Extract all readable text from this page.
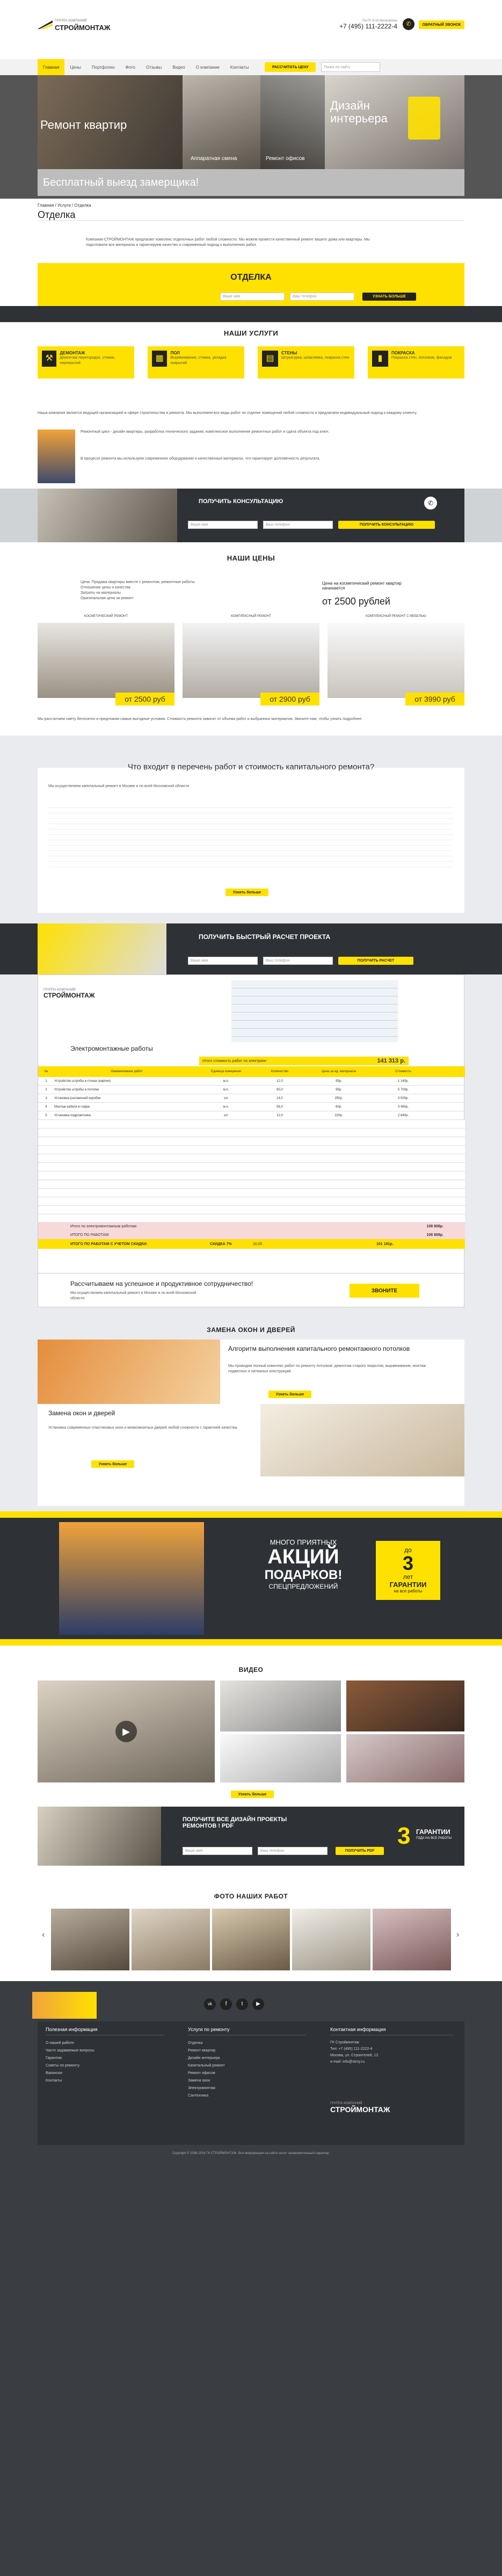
ГРУППА КОМПАНИЙ
СТРОЙМОНТАЖ
Пн-Пт 9-18 Московское
+7 (495) 111-2222-4	✆	ОБРАТНЫЙ ЗВОНОК
Главная	Цены	Портфолио	Фото	Отзывы	Видео	О компании	Контакты	РАССЧИТАТЬ ЦЕНУ	Поиск по сайту
Ремонт квартир
Аппаратная смена	Ремонт офисов
Дизайн интерьера
Бесплатный выезд замерщика!
Главная / Услуги / Отделка
Отделка
Компания СТРОЙМОНТАЖ предлагает комплекс отделочных работ любой сложности. Мы можем провести качественный ремонт вашего дома или квартиры. Мы подготовили все материалы и гарантируем качество и современный подход к выполнению работ.
ОТДЕЛКА
Ваше имя	Ваш телефон	УЗНАТЬ БОЛЬШЕ
НАШИ УСЛУГИ
⚒
ДЕМОНТАЖ
Демонтаж перегородок, стяжки, перекрытий
▦
ПОЛ
Выравнивание, стяжка, укладка покрытий
▤
СТЕНЫ
Штукатурка, шпаклевка, покраска стен	▮
ПОКРАСКА
Покраска стен, потолков, фасадов
Наша компания является ведущей организацией в сфере строительства и ремонта. Мы выполняем все виды работ по отделке помещений любой сложности и предлагаем индивидуальный подход к каждому клиенту.
Ремонтный цикл - дизайн квартиры, разработка технического задания, комплексное выполнение ремонтных работ и сдача объекта под ключ.
В процессе ремонта мы используем современное оборудование и качественные материалы, что гарантирует долговечность результата.
ПОЛУЧИТЬ КОНСУЛЬТАЦИЮ	✆
Ваше имя	Ваш телефон	ПОЛУЧИТЬ КОНСУЛЬТАЦИЮ
НАШИ ЦЕНЫ
Цена: Продажа квартиры вместе с ремонтом, ремонтные работы
Отношение цены и качества
Затраты на материалы
Оригинальная цена за ремонт
Цена на косметический ремонт квартир начинается
от 2500 рублей
КОСМЕТИЧЕСКИЙ РЕМОНТ
от 2500 руб
КОМПЛЕКСНЫЙ РЕМОНТ
от 2900 руб
КОМПЛЕКСНЫЙ РЕМОНТ С МЕБЕЛЬЮ
от 3990 руб
Мы рассчитаем смету бесплатно и предложим самые выгодные условия. Стоимость ремонта зависит от объема работ и выбранных материалов. Звоните нам, чтобы узнать подробнее.
Что входит в перечень работ и стоимость капитального ремонта?
Мы осуществляем капитальный ремонт в Москве и по всей Московской области
Узнать больше
ПОЛУЧИТЬ БЫСТРЫЙ РАСЧЕТ ПРОЕКТА
Ваше имя	Ваш телефон	ПОЛУЧИТЬ РАСЧЕТ
ГРУППА КОМПАНИЙ
СТРОЙМОНТАЖ
Электромонтажные работы
Итого стоимость работ по электрике:	141 313 р.
№	Наименование работ	Единица измерения	Количество	Цена за ед. материала	Стоимость
1	Устройство штробы в стенах (кирпич)	м.п.	12,0	95р.	1 140р.
2	Устройство штробы в потолке	м.п.	60,0	95р.	5 700р.
3	Установка распаечной коробки	шт	14,0	250р.	3 500р.
4	Монтаж кабеля в гофре	м.п.	58,0	60р.	3 480р.
5	Установка подрозетника	шт	12,0	220р.	2 640р.
Итого по электромонтажным работам:	108 808р.
ИТОГО ПО РАБОТАМ:	108 808р.
ИТОГО ПО РАБОТАМ С УЧЕТОМ СКИДКИ:	СКИДКА 7%	10,00	101 191р.
Рассчитываем на успешное и продуктивное сотрудничество!
Мы осуществляем капитальный ремонт в Москве и по всей Московской области
ЗВОНИТЕ
ЗАМЕНА ОКОН И ДВЕРЕЙ
Алгоритм выполнения капитального ремонтажного потолков
Мы проводим полный комплекс работ по ремонту потолков: демонтаж старого покрытия, выравнивание, монтаж подвесных и натяжных конструкций.
Узнать больше
Замена окон и дверей
Установка современных пластиковых окон и межкомнатных дверей любой сложности с гарантией качества.
Узнать больше
МНОГО ПРИЯТНЫХ
АКЦИЙ
ПОДАРКОВ!
СПЕЦПРЕДЛОЖЕНИЙ
до
3
лет
ГАРАНТИИ
на все работы
ВИДЕО
▶
Узнать больше
ПОЛУЧИТЕ ВСЕ ДИЗАЙН ПРОЕКТЫ РЕМОНТОВ ! PDF
Ваше имя	Ваш телефон	ПОЛУЧИТЬ PDF
3 ГАРАНТИИ
ГОДА НА ВСЕ РАБОТЫ
ФОТО НАШИХ РАБОТ
‹	›
vk	f	t	▶
Полезная информация
О нашей работе
Часто задаваемые вопросы
Гарантия
Советы по ремонту
Вакансии
Контакты
Услуги по ремонту
Отделка
Ремонт квартир
Дизайн интерьера
Капитальный ремонт
Ремонт офисов
Замена окон
Электромонтаж
Сантехника
Контактная информация
ГК Строймонтаж
Тел: +7 (495) 111-2222-4
Москва, ул. Строителей, 12
e-mail: info@stroy.ru
ГРУППА КОМПАНИЙ
СТРОЙМОНТАЖ
Copyright © 2006-2016 ГК СТРОЙМОНТАЖ. Вся информация на сайте носит ознакомительный характер.
